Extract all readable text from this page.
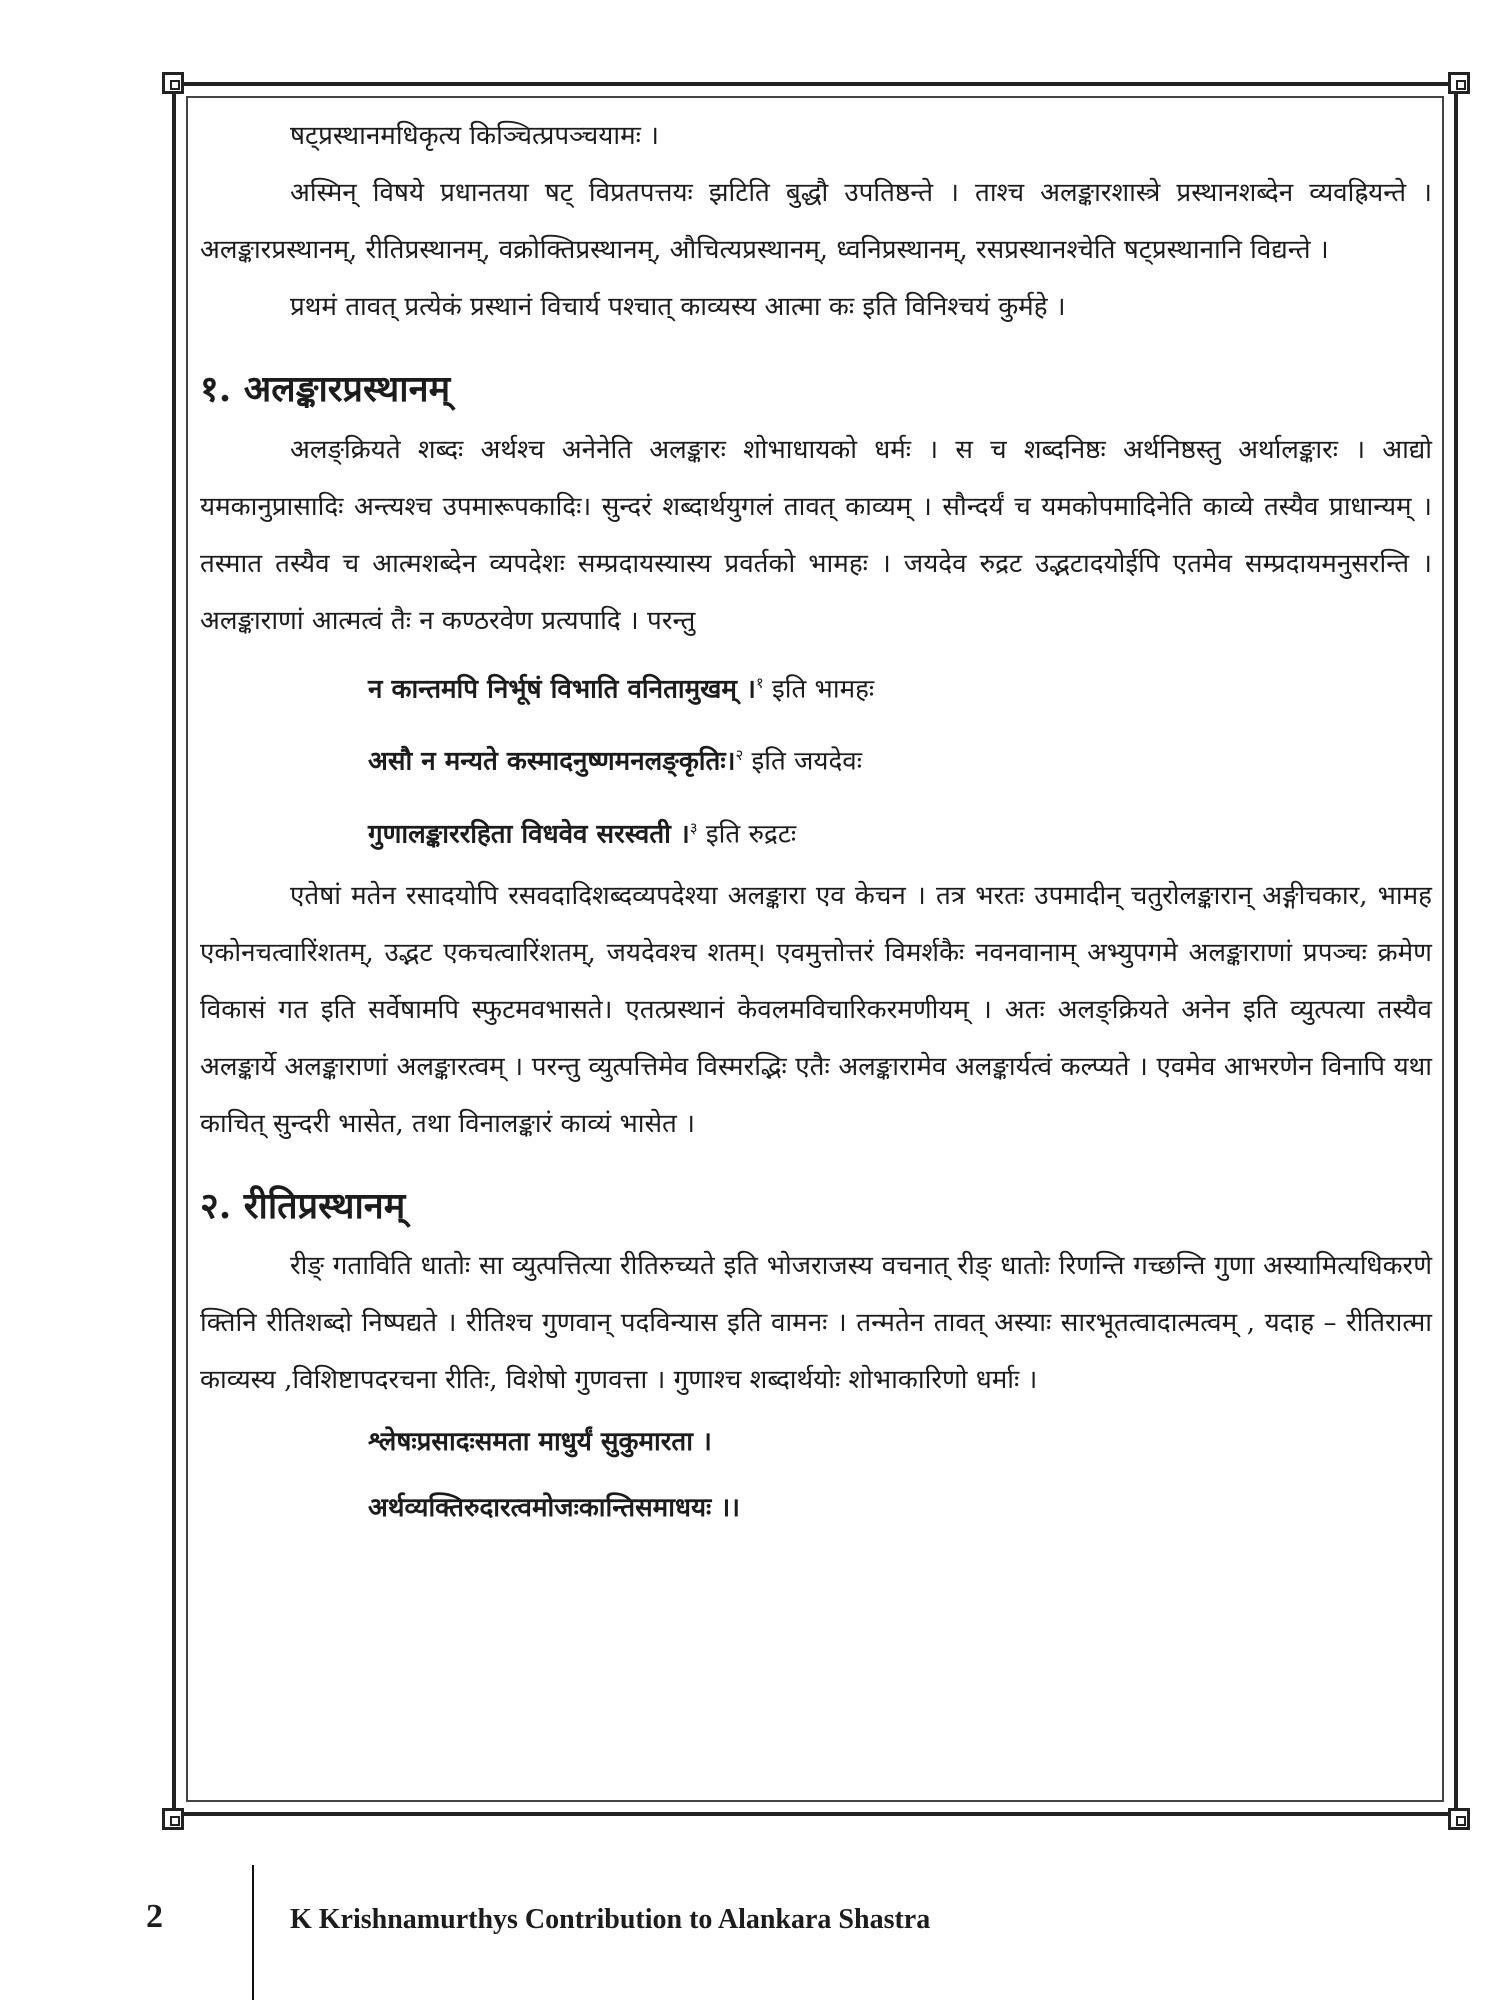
षट्प्रस्थानमधिकृत्य किञ्चित्प्रपञ्चयामः ।

अस्मिन् विषये प्रधानतया षट् विप्रतपत्तयः झटिति बुद्धौ उपतिष्ठन्ते । ताश्च अलङ्कारशास्त्रे प्रस्थानशब्देन व्यवह्रियन्ते । अलङ्कारप्रस्थानम्, रीतिप्रस्थानम्, वक्रोक्तिप्रस्थानम्, औचित्यप्रस्थानम्, ध्वनिप्रस्थानम्, रसप्रस्थानश्चेति षट्प्रस्थानानि विद्यन्ते ।

प्रथमं तावत् प्रत्येकं प्रस्थानं विचार्य पश्चात् काव्यस्य आत्मा कः इति विनिश्चयं कुर्महे ।

१. अलङ्कारप्रस्थानम्

अलङ्क्रियते शब्दः अर्थश्च अनेनेति अलङ्कारः शोभाधायको धर्मः । स च शब्दनिष्ठः अर्थनिष्ठस्तु अर्थालङ्कारः । आद्यो यमकानुप्रासादिः अन्त्यश्च उपमारूपकादिः। सुन्दरं शब्दार्थयुगलं तावत् काव्यम् । सौन्दर्यं च यमकोपमादिनेति काव्ये तस्यैव प्राधान्यम् । तस्मात तस्यैव च आत्मशब्देन व्यपदेशः सम्प्रदायस्यास्य प्रवर्तको भामहः । जयदेव रुद्रट उद्भटादयोईपि एतमेव सम्प्रदायमनुसरन्ति । अलङ्काराणां आत्मत्वं तैः न कण्ठरवेण प्रत्यपादि । परन्तु

न कान्तमपि निर्भूषं विभाति वनितामुखम् ।$^१$ इति भामहः
असौ न मन्यते कस्मादनुष्णमनलङ्कृतिः।$^२$ इति जयदेवः
गुणालङ्काररहिता विधवेव सरस्वती ।$^३$ इति रुद्रटः

एतेषां मतेन रसादयोपि रसवदादिशब्दव्यपदेश्या अलङ्कारा एव केचन । तत्र भरतः उपमादीन् चतुरोलङ्कारान् अङ्गीचकार, भामह एकोनचत्वारिंशतम्, उद्भट एकचत्वारिंशतम्, जयदेवश्च शतम्। एवमुत्तोत्तरं विमर्शकैः नवनवानाम् अभ्युपगमे अलङ्काराणां प्रपञ्चः क्रमेण विकासं गत इति सर्वेषामपि स्फुटमवभासते। एतत्प्रस्थानं केवलमविचारिकरमणीयम् । अतः अलङ्क्रियते अनेन इति व्युत्पत्या तस्यैव अलङ्कार्ये अलङ्काराणां अलङ्कारत्वम् । परन्तु व्युत्पत्तिमेव विस्मरद्भिः एतैः अलङ्कारामेव अलङ्कार्यत्वं कल्प्यते । एवमेव आभरणेन विनापि यथा काचित् सुन्दरी भासेत, तथा विनालङ्कारं काव्यं भासेत ।

२. रीतिप्रस्थानम्

रीङ् गताविति धातोः सा व्युत्पत्तित्या रीतिरुच्यते इति भोजराजस्य वचनात् रीङ् धातोः रिणन्ति गच्छन्ति गुणा अस्यामित्यधिकरणे क्तिनि रीतिशब्दो निष्पद्यते । रीतिश्च गुणवान् पदविन्यास इति वामनः । तन्मतेन तावत् अस्याः सारभूतत्वादात्मत्वम् , यदाह – रीतिरात्मा काव्यस्य ,विशिष्टापदरचना रीतिः, विशेषो गुणवत्ता । गुणाश्च शब्दार्थयोः शोभाकारिणो धर्माः ।

श्लेषःप्रसादःसमता माधुर्यं सुकुमारता ।
अर्थव्यक्तिरुदारत्वमोजःकान्तिसमाधयः ।।
2	K Krishnamurthys Contribution to Alankara Shastra
